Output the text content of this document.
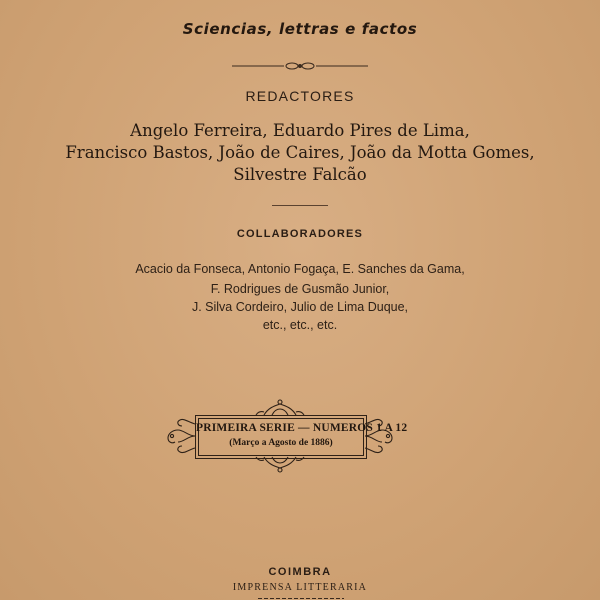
Sciencias, lettras e factos
REDACTORES
Angelo Ferreira, Eduardo Pires de Lima,
Francisco Bastos, João de Caires, João da Motta Gomes,
Silvestre Falcão
COLLABORADORES
Acacio da Fonseca, Antonio Fogaça, E. Sanches da Gama,
F. Rodrigues de Gusmão Junior,
J. Silva Cordeiro, Julio de Lima Duque,
etc., etc., etc.
PRIMEIRA SERIE — NUMEROS 1 A 12
(Março a Agosto de 1886)
COIMBRA
IMPRENSA LITTERARIA
